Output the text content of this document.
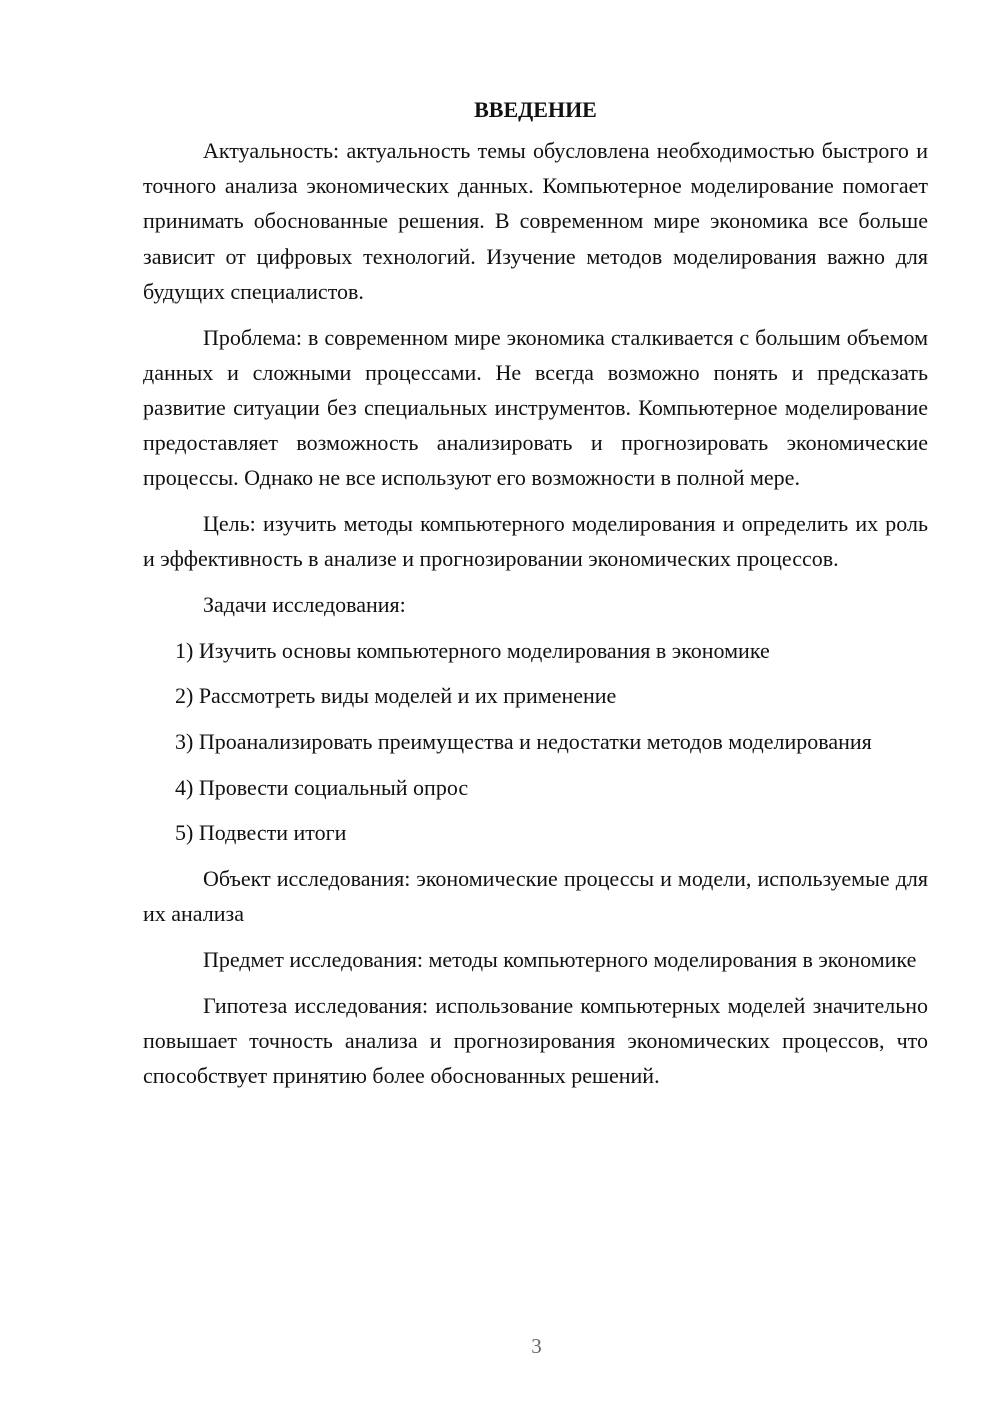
ВВЕДЕНИЕ

Актуальность: актуальность темы обусловлена необходимостью быстрого и точного анализа экономических данных. Компьютерное моделирование помогает принимать обоснованные решения. В современном мире экономика все больше зависит от цифровых технологий. Изучение методов моделирования важно для будущих специалистов.

Проблема: в современном мире экономика сталкивается с большим объемом данных и сложными процессами. Не всегда возможно понять и предсказать развитие ситуации без специальных инструментов. Компьютерное моделирование предоставляет возможность анализировать и прогнозировать экономические процессы. Однако не все используют его возможности в полной мере.

Цель: изучить методы компьютерного моделирования и определить их роль и эффективность в анализе и прогнозировании экономических процессов.

Задачи исследования:

1) Изучить основы компьютерного моделирования в экономике

2) Рассмотреть виды моделей и их применение

3) Проанализировать преимущества и недостатки методов моделирования

4) Провести социальный опрос

5) Подвести итоги

Объект исследования: экономические процессы и модели, используемые для их анализа

Предмет исследования: методы компьютерного моделирования в экономике

Гипотеза исследования: использование компьютерных моделей значительно повышает точность анализа и прогнозирования экономических процессов, что способствует принятию более обоснованных решений.

3
